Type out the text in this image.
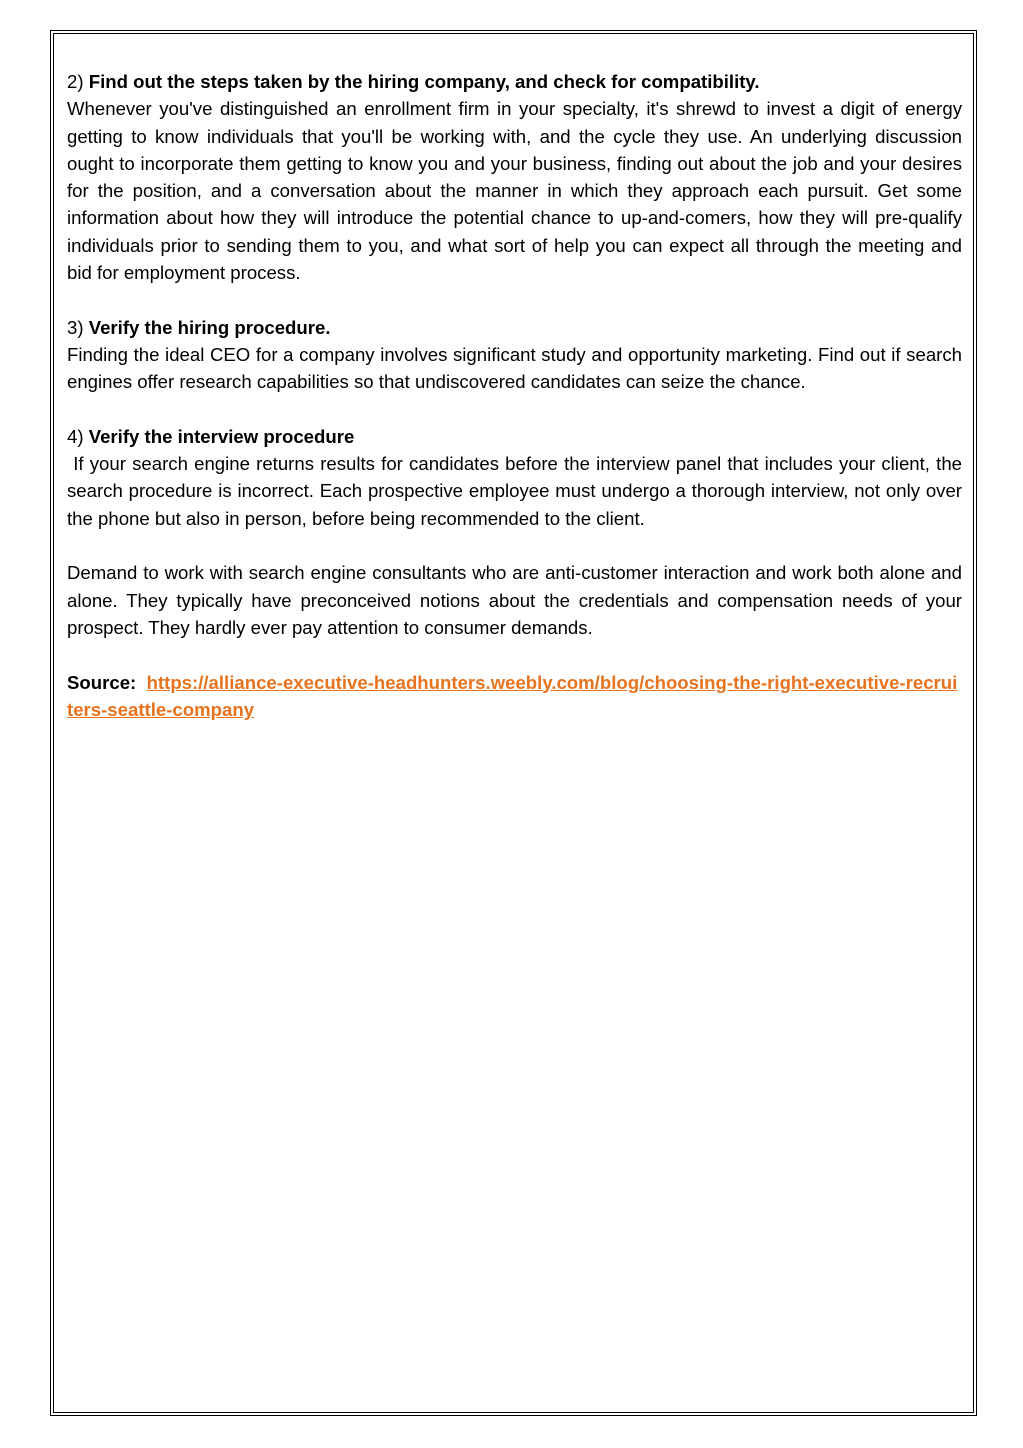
2) Find out the steps taken by the hiring company, and check for compatibility.

Whenever you've distinguished an enrollment firm in your specialty, it's shrewd to invest a digit of energy getting to know individuals that you'll be working with, and the cycle they use. An underlying discussion ought to incorporate them getting to know you and your business, finding out about the job and your desires for the position, and a conversation about the manner in which they approach each pursuit. Get some information about how they will introduce the potential chance to up-and-comers, how they will pre-qualify individuals prior to sending them to you, and what sort of help you can expect all through the meeting and bid for employment process.

3) Verify the hiring procedure.

Finding the ideal CEO for a company involves significant study and opportunity marketing. Find out if search engines offer research capabilities so that undiscovered candidates can seize the chance.

4) Verify the interview procedure

If your search engine returns results for candidates before the interview panel that includes your client, the search procedure is incorrect. Each prospective employee must undergo a thorough interview, not only over the phone but also in person, before being recommended to the client.

Demand to work with search engine consultants who are anti-customer interaction and work both alone and alone. They typically have preconceived notions about the credentials and compensation needs of your prospect. They hardly ever pay attention to consumer demands.

Source: https://alliance-executive-headhunters.weebly.com/blog/choosing-the-right-executive-recruiters-seattle-company
